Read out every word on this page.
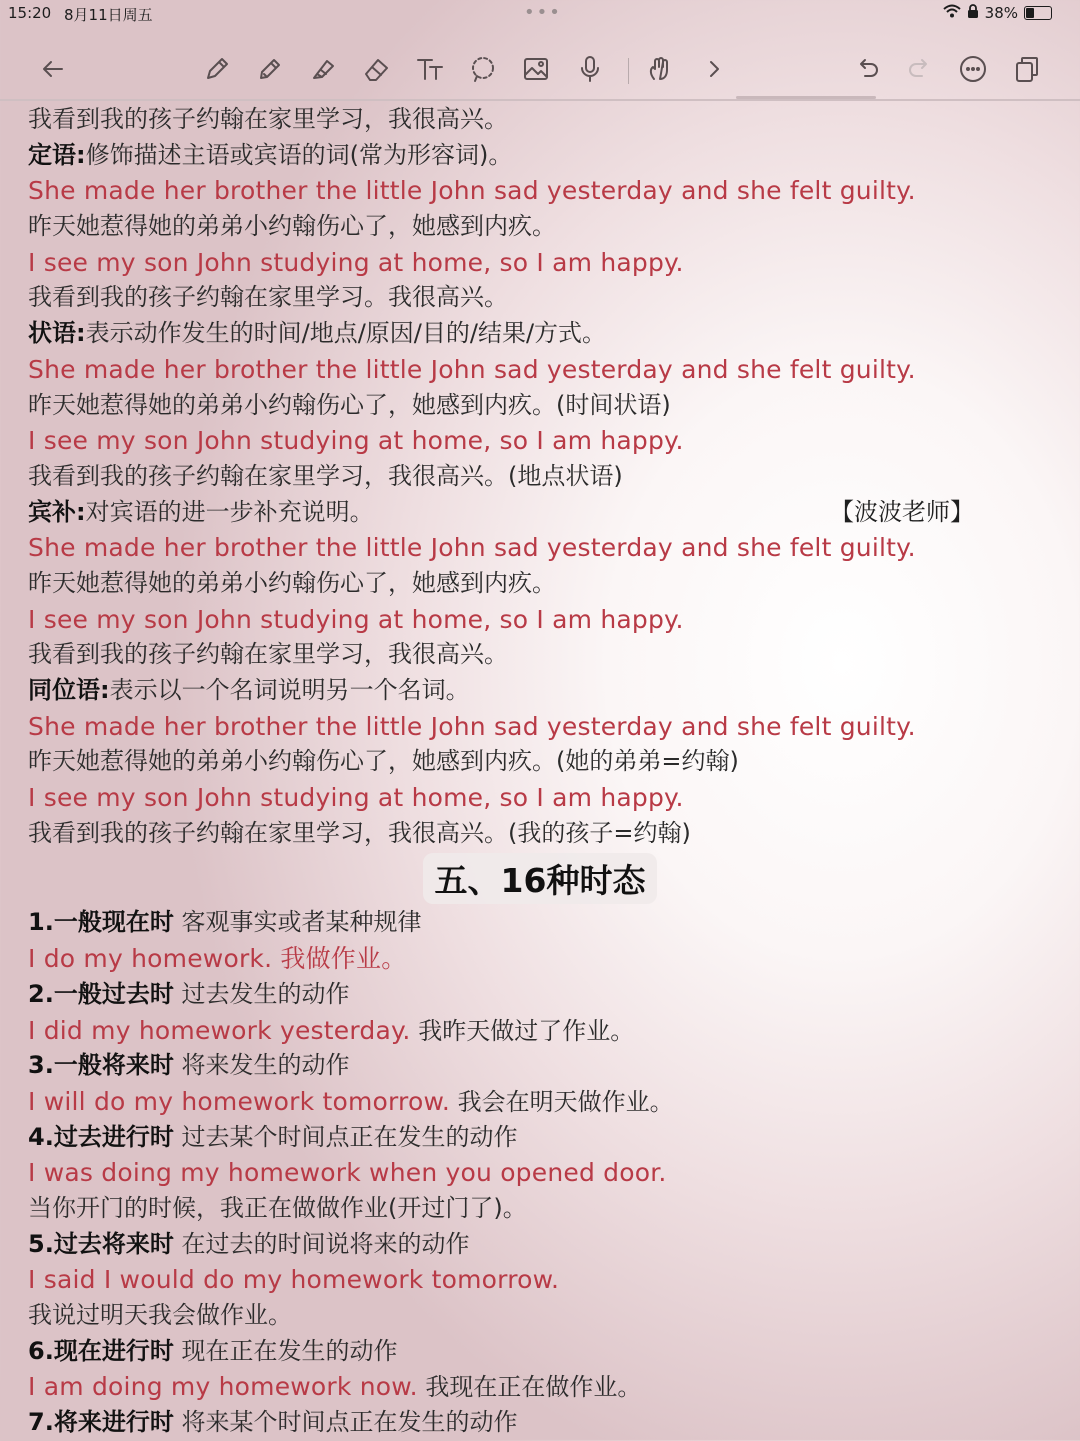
15:20 8月11日周五	•••	38%
我看到我的孩子约翰在家里学习，我很高兴。
定语:修饰描述主语或宾语的词(常为形容词)。
She made her brother the little John sad yesterday and she felt guilty.
昨天她惹得她的弟弟小约翰伤心了，她感到内疚。
I see my son John studying at home, so I am happy.
我看到我的孩子约翰在家里学习。我很高兴。
状语:表示动作发生的时间/地点/原因/目的/结果/方式。
She made her brother the little John sad yesterday and she felt guilty.
昨天她惹得她的弟弟小约翰伤心了，她感到内疚。(时间状语)
I see my son John studying at home, so I am happy.
我看到我的孩子约翰在家里学习，我很高兴。(地点状语)
宾补:对宾语的进一步补充说明。	【波波老师】
She made her brother the little John sad yesterday and she felt guilty.
昨天她惹得她的弟弟小约翰伤心了，她感到内疚。
I see my son John studying at home, so I am happy.
我看到我的孩子约翰在家里学习，我很高兴。
同位语:表示以一个名词说明另一个名词。
She made her brother the little John sad yesterday and she felt guilty.
昨天她惹得她的弟弟小约翰伤心了，她感到内疚。(她的弟弟=约翰)
I see my son John studying at home, so I am happy.
我看到我的孩子约翰在家里学习，我很高兴。(我的孩子=约翰)
五、16种时态
1.一般现在时 客观事实或者某种规律
I do my homework. 我做作业。
2.一般过去时 过去发生的动作
I did my homework yesterday. 我昨天做过了作业。
3.一般将来时 将来发生的动作
I will do my homework tomorrow. 我会在明天做作业。
4.过去进行时 过去某个时间点正在发生的动作
I was doing my homework when you opened door.
当你开门的时候，我正在做做作业(开过门了)。
5.过去将来时 在过去的时间说将来的动作
I said I would do my homework tomorrow.
我说过明天我会做作业。
6.现在进行时 现在正在发生的动作
I am doing my homework now. 我现在正在做作业。
7.将来进行时 将来某个时间点正在发生的动作
